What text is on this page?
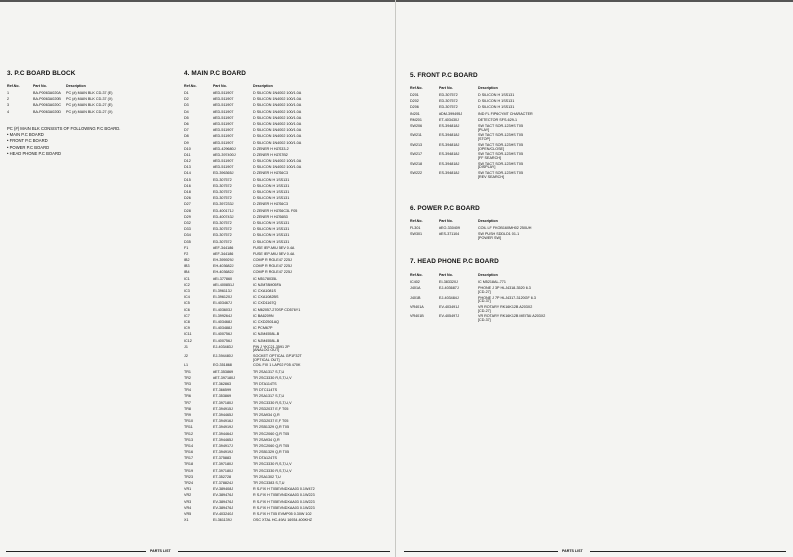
3. P.C BOARD BLOCK
Ref.No.	Part No.	Description
1	BA-P0063A020A PC (#) MAIN BLK CD-37 (E)
2	BA-P0063A020B PC (#) MAIN BLK CD-37 (X)
3	BA-P0063A020C PC (#) MAIN BLK CD-27 (E)
4	BA-P0063A020D PC (#) MAIN BLK CD-27 (X)
PC (#) MAIN BLK CONSISTS OF FOLLOWING P.C BOARD.
• MAIN P.C BOARD
• FRONT P.C BOARD
• POWER P.C BOARD
• HEAD PHONE P.C BOARD
4. MAIN P.C BOARD
Ref.No.	Part No.	Description
D1	#ED-511907	D SILICON 1N4002 100/1.0A
D2	#ED-511907	D SILICON 1N4002 100/1.0A
D3	#ED-511907	D SILICON 1N4002 100/1.0A
D4	#ED-511907	D SILICON 1N4002 100/1.0A
D5	#ED-511907	D SILICON 1N4002 100/1.0A
D6	#ED-511907	D SILICON 1N4002 100/1.0A
D7	#ED-511907	D SILICON 1N4002 100/1.0A
D8	#ED-511907	D SILICON 1N4002 100/1.0A
D9	#ED-511907	D SILICON 1N4002 100/1.0A
D10	#ED-429680J	D ZENER H HZS33-2
D11	#ED-397400J	D ZENER H HZS7B2
D12	#ED-511907	D SILICON 1N4002 100/1.0A
D13	#ED-511907	D SILICON 1N4002 100/1.0A
D14	ED-396365J	D ZENER H HZS6C3
D15	ED-307572	D SILICON H 1SS131
D16	ED-307572	D SILICON H 1SS131
D18	ED-307572	D SILICON H 1SS131
D26	ED-307572	D SILICON H 1SS131
D27	ED-397233J	D ZENER H HZS6C3
D28	ED-400171J	D ZENER H HZS6C3L F05
D29	ED-400743J	D ZENER H HZS6B3
D32	ED-307572	D SILICON H 1SS131
D33	ED-307572	D SILICON H 1SS131
D34	ED-307572	D SILICON H 1SS131
D35	ED-307572	D SILICON H 1SS131
F1	#EF-344186	FUSE IEP-MIU 5EV 0.4A
F2	#EF-344186	FUSE IEP-MIU 5EV 0.4A
IB2	EH-395929J	COMP R RGLE47 225J
IB3	EH-403682J	COMP R RGLE47 225J
IB4	EH-403682J	COMP R RGLE47 225J
IC1	#EI-377860	IC M5178035L
IC2	#EI-400851J	IC NJM78M05FA
IC3	EI-396113J	IC CXA1081S
IC4	EI-396120J	IC CXA1082BS
IC5	EI-403467J	IC CXD1167Q
IC6	EI-403603J	IC M62057-270SP CD576Y1
IC7	EI-399264J	IC BA6209N
IC8	EI-403468J	IC CXD2501AQ
IC9	EI-403488J	IC PCM67P
IC11	EI-400756J	IC NJM4558L-B
IC12	EI-400756J	IC NJM4558L-B
J1	EJ-403483J	PIN J YKC21-3591 2P
[ANALOG OUT]
J2	EJ-394480J	SOCKET OPTICAL GP1F32T
[OPTICAL OUT]
L1	EO-351868	COIL FIX 1 LAP02 F05 470K
TR1	#ET-353869	TR 2SA1317 S,T,U
TR2	#ET-397180J	TR 2SC3330 R,S,T,U,V
TR3	ET-362863	TR DTA114TS
TR4	ET-366599	TR DTC114TS
TR6	ET-353869	TR 2SA1317 S,T,U
TR7	ET-397180J	TR 2SC3330 R,S,T,U,V
TR8	ET-394915J	TR 2SD2037 E,F T05
TR9	ET-394465J	TR 2SA934 Q,R
TR10	ET-394916J	TR 2SD2037 E,F T05
TR11	ET-394919J	TR 2SB1329 Q,R T05
TR12	ET-394464J	TR 2SC2060 Q,R T05
TR13	ET-394465J	TR 2SA934 Q,R
TR14	ET-394917J	TR 2SC2060 Q,R T05
TR16	ET-394919J	TR 2SB1329 Q,R T05
TR17	ET-375883	TR DTA124TS
TR18	ET-397180J	TR 2SC3330 R,S,T,U,V
TR19	ET-397180J	TR 2SC3330 R,S,T,U,V
TR23	ET-352728	TR 2SA1302 T,U
TR24	ET-378824J	TR 2SC3383 S,T,U
VR1	EV-389408J	R S-FIX H T05EVNDXAA03 0.1W472
VR2	EV-389476J	R S-FIX H T05EVNDXAA03 0.1W223
VR3	EV-389476J	R S-FIX H T05EVNDXAA03 0.1W223
VR4	EV-389476J	R S-FIX H T05EVNDXAA03 0.1W223
VR5	EV-403240J	R S-FIX H T05 EVMP05 0.30W 102
X1	EI-361139J	OSC XTAL HC-49/U 16934.400KHZ
PARTS LIST
5. FRONT P.C BOARD
Ref.No.	Part No.	Description
D201	ED-307572	D SILICON H 1SS131
D202	ED-307572	D SILICON H 1SS131
D206	ED-307572	D SILICON H 1SS131
IN201	#DM-399495J	IND FL FIP6CYMT CHARACTER
RM201	ET-403430J	DETECTOR SFS-629-1
SW206	ES-394818J	SW TACT SOR-123HS T05
[PLAY]
SW211	ES-394818J	SW TACT SOR-123HS T05
[STOP]
SW213	ES-394818J	SW TACT SOR-123HS T05
[OPEN/CLOSE]
SW217	ES-394818J	SW TACT SOR-123HS T05
[FF SEARCH]
SW218	ES-394818J	SW TACT SOR-123HS T05
[DISPLAY]
SW222	ES-394818J	SW TACT SOR-123HS T05
[REV SEARCH]
6. POWER P.C BOARD
Ref.No.	Part No.	Description
FL301	#EO-330409	COIL LF FKOB160MH02 250UH
SW301	#ES-371104	SW PUSH SDDLD1 01-1
[POWER SW]
7. HEAD PHONE P.C BOARD
Ref.No.	Part No.	Description
IC402	EI-383320J	IC M5218AL-771
J401A	EJ-403687J	PHONE J 3P HLJ4318-3520 6.3
[CD-27]
J401B	EJ-403484J	PHONE J 7P HLJ4317-3120GF 6.3
[CD-37]
VR401A	EV-403491J	VR ROTARY RK16K12B A203X2
[CD-27]
VR401B	EV-405497J	VR ROTARY RK16K12B MEITAI A203X2
[CD-37]
PARTS LIST
